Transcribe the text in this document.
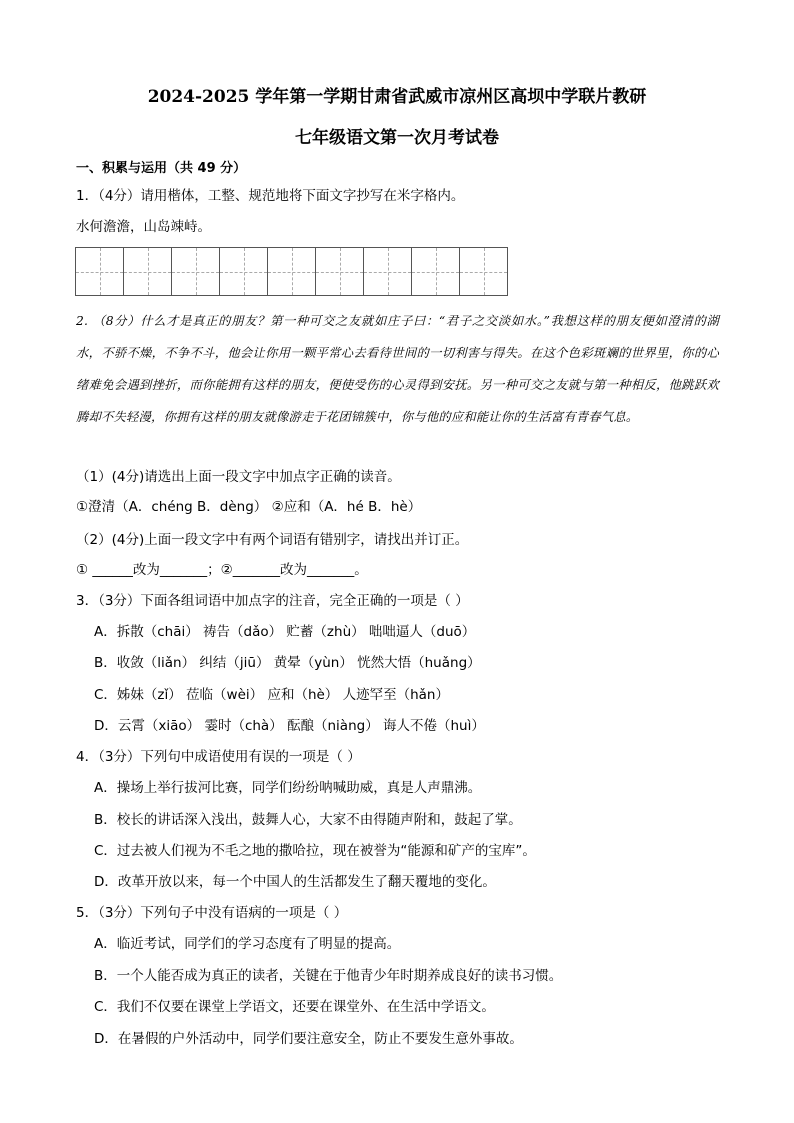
2024-2025 学年第一学期甘肃省武威市凉州区高坝中学联片教研
七年级语文第一次月考试卷
一、积累与运用（共 49 分）
1．（4分）请用楷体，工整、规范地将下面文字抄写在米字格内。
水何澹澹，山岛竦峙。
2. （8分）什么才是真正的朋友？第一种可交之友就如庄子曰：“君子之交淡如水。”我想这样的朋友便如澄清的湖水，不骄不燥，不争不斗，他会让你用一颗平常心去看待世间的一切利害与得失。在这个色彩斑斓的世界里，你的心绪难免会遇到挫折，而你能拥有这样的朋友，便使受伤的心灵得到安抚。另一种可交之友就与第一种相反，他跳跃欢腾却不失轻漫，你拥有这样的朋友就像游走于花团锦簇中，你与他的应和能让你的生活富有青春气息。
（1）(4分)请选出上面一段文字中加点字正确的读音。
①澄清（A．chéng B．dèng） ②应和（A．hé B．hè）
（2）(4分)上面一段文字中有两个词语有错别字，请找出并订正。
① ______改为_______；②_______改为_______。
3．（3分）下面各组词语中加点字的注音，完全正确的一项是（ ）
A．拆散（chāi） 祷告（dǎo） 贮蓄（zhù） 咄咄逼人（duō）
B．收敛（liǎn） 纠结（jiū） 黄晕（yùn） 恍然大悟（huǎng）
C．姊妹（zǐ） 莅临（wèi） 应和（hè） 人迹罕至（hǎn）
D．云霄（xiāo） 霎时（chà） 酝酿（niàng） 诲人不倦（huì）
4．（3分）下列句中成语使用有误的一项是（ ）
A．操场上举行拔河比赛，同学们纷纷呐喊助威，真是人声鼎沸。
B．校长的讲话深入浅出，鼓舞人心，大家不由得随声附和，鼓起了掌。
C．过去被人们视为不毛之地的撒哈拉，现在被誉为“能源和矿产的宝库”。
D．改革开放以来，每一个中国人的生活都发生了翻天覆地的变化。
5．（3分）下列句子中没有语病的一项是（ ）
A．临近考试，同学们的学习态度有了明显的提高。
B．一个人能否成为真正的读者，关键在于他青少年时期养成良好的读书习惯。
C．我们不仅要在课堂上学语文，还要在课堂外、在生活中学语文。
D．在暑假的户外活动中，同学们要注意安全，防止不要发生意外事故。
